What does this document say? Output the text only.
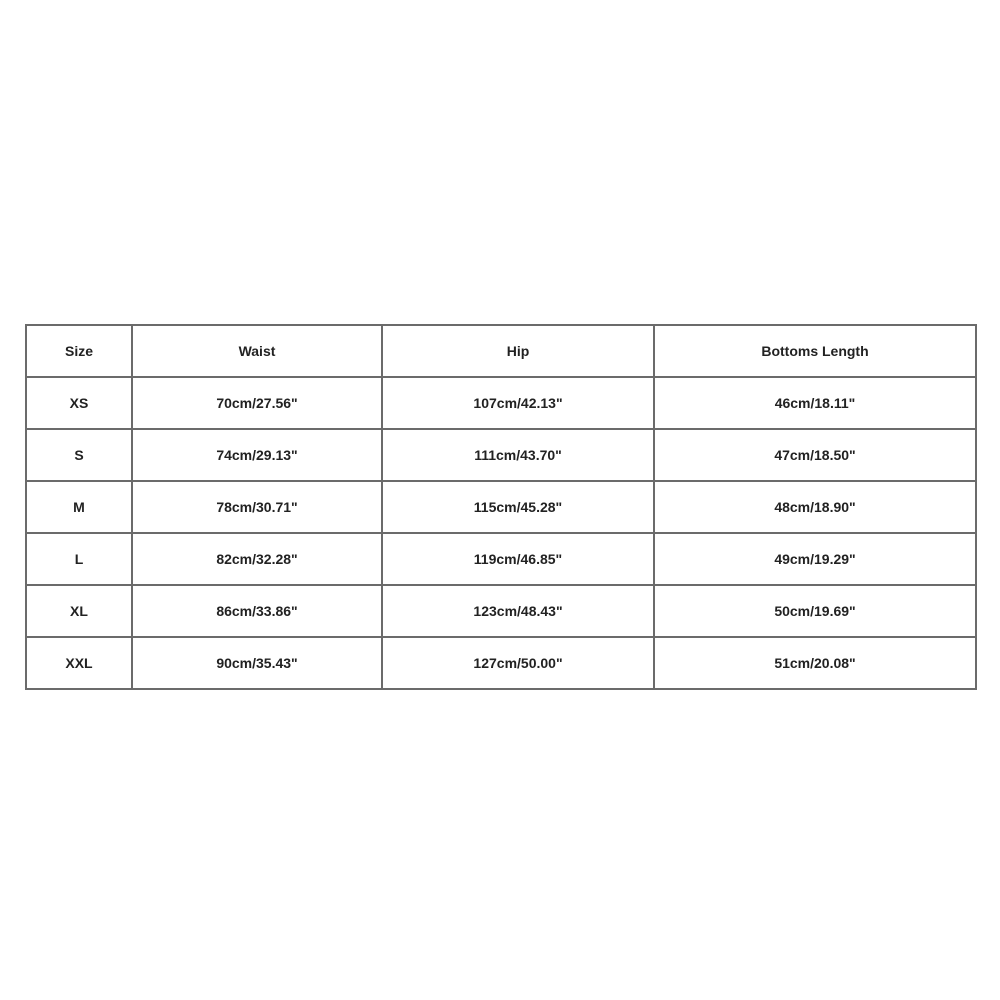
Size	Waist	Hip	Bottoms Length
XS	70cm/27.56"	107cm/42.13"	46cm/18.11"
S	74cm/29.13"	111cm/43.70"	47cm/18.50"
M	78cm/30.71"	115cm/45.28"	48cm/18.90"
L	82cm/32.28"	119cm/46.85"	49cm/19.29"
XL	86cm/33.86"	123cm/48.43"	50cm/19.69"
XXL	90cm/35.43"	127cm/50.00"	51cm/20.08"
